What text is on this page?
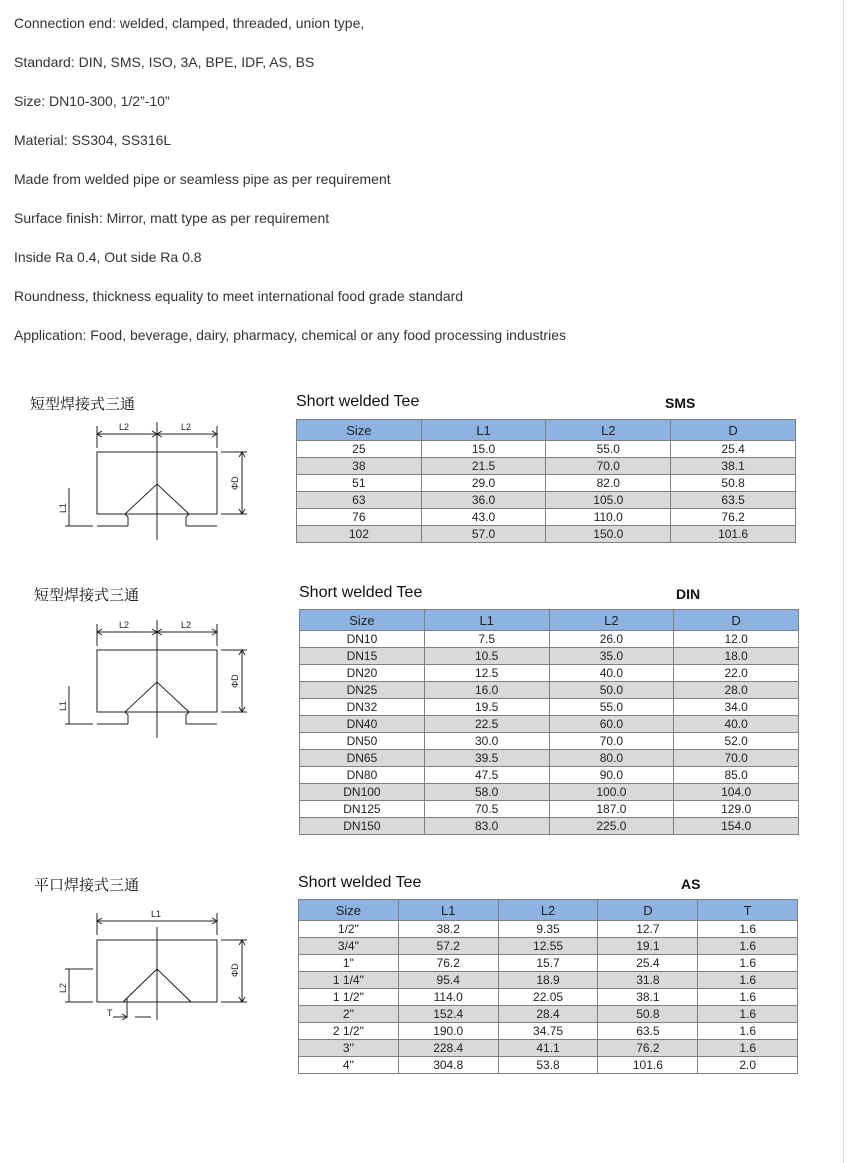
Connection end: welded, clamped, threaded, union type,
Standard: DIN, SMS, ISO, 3A, BPE, IDF, AS, BS
Size: DN10-300, 1/2”-10”
Material: SS304, SS316L
Made from welded pipe or seamless pipe as per requirement
Surface finish: Mirror, matt type as per requirement
Inside Ra 0.4, Out side Ra 0.8
Roundness, thickness equality to meet international food grade standard
Application: Food, beverage, dairy, pharmacy, chemical or any food processing industries
短型焊接式三通	Short welded Tee	SMS
L2	L2
ΦD
L1
Size	L1	L2	D
25	15.0	55.0	25.4
38	21.5	70.0	38.1
51	29.0	82.0	50.8
63	36.0	105.0	63.5
76	43.0	110.0	76.2
102	57.0	150.0	101.6
短型焊接式三通	Short welded Tee	DIN
L2	L2
ΦD
L1
Size	L1	L2	D
DN10	7.5	26.0	12.0
DN15	10.5	35.0	18.0
DN20	12.5	40.0	22.0
DN25	16.0	50.0	28.0
DN32	19.5	55.0	34.0
DN40	22.5	60.0	40.0
DN50	30.0	70.0	52.0
DN65	39.5	80.0	70.0
DN80	47.5	90.0	85.0
DN100	58.0	100.0	104.0
DN125	70.5	187.0	129.0
DN150	83.0	225.0	154.0
平口焊接式三通	Short welded Tee	AS
L1
ΦD
L2
T
Size	L1	L2	D	T
1/2"	38.2	9.35	12.7	1.6
3/4"	57.2	12.55	19.1	1.6
1"	76.2	15.7	25.4	1.6
1 1/4"	95.4	18.9	31.8	1.6
1 1/2"	114.0	22.05	38.1	1.6
2"	152.4	28.4	50.8	1.6
2 1/2"	190.0	34.75	63.5	1.6
3"	228.4	41.1	76.2	1.6
4"	304.8	53.8	101.6	2.0
